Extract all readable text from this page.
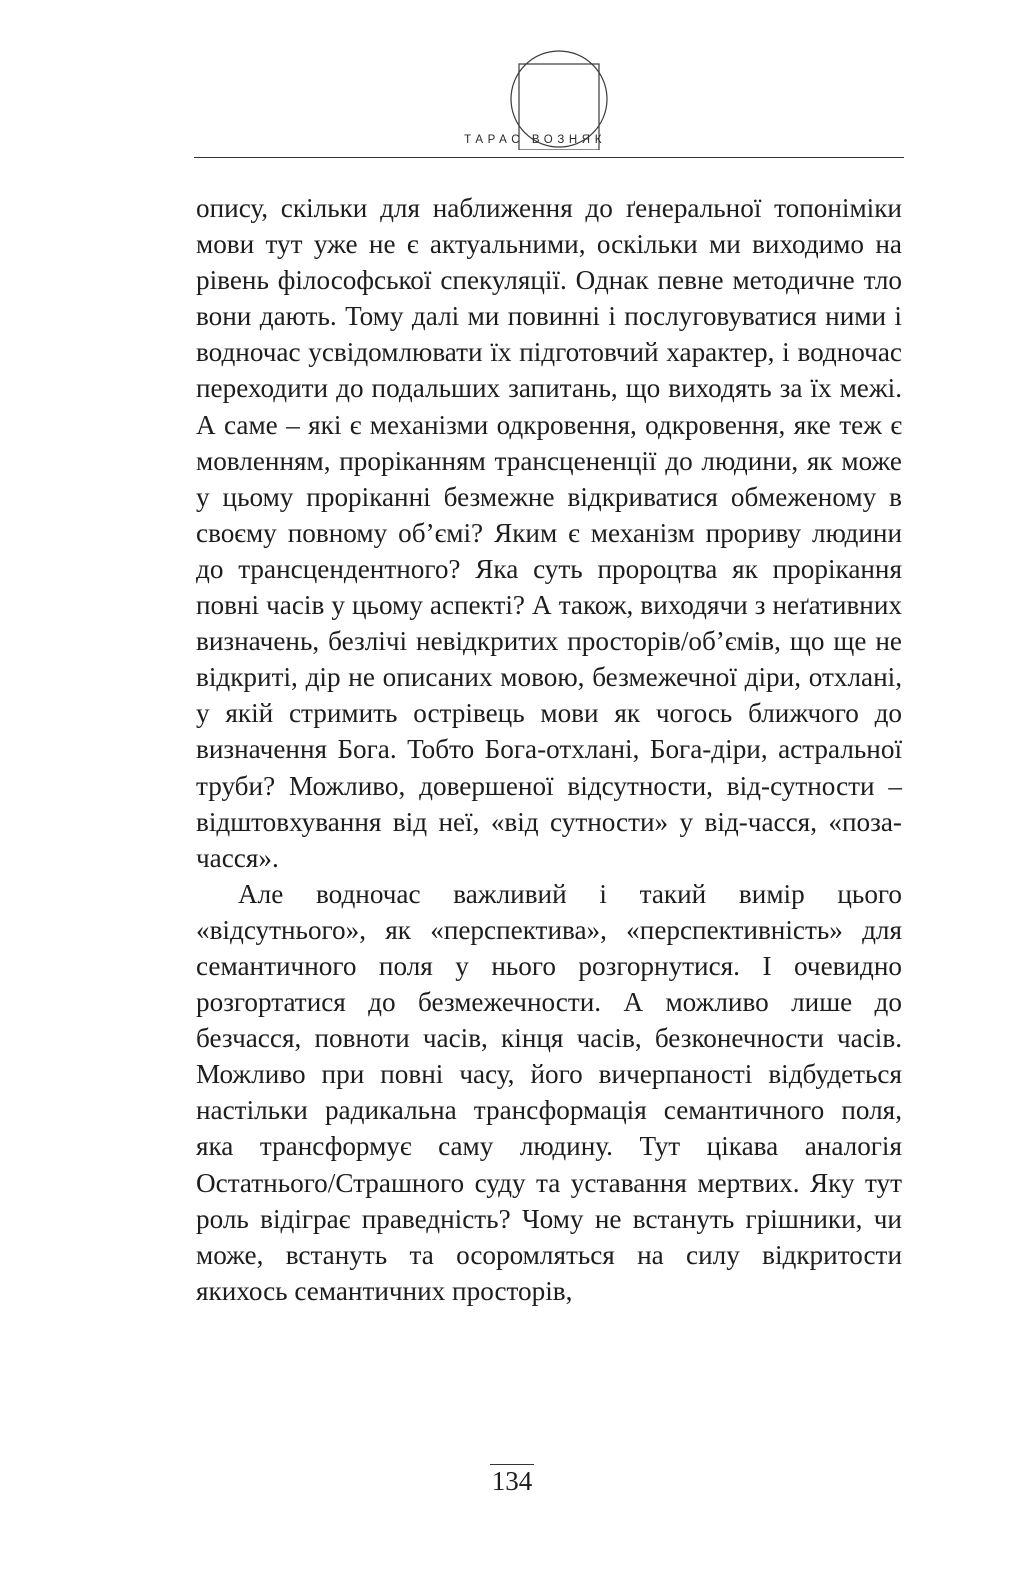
ТАРАС ВОЗНЯК

опису, скільки для наближення до ґенеральної топоніміки мови тут уже не є актуальними, оскільки ми виходимо на рівень філософської спекуляції. Однак певне методичне тло вони дають. Тому далі ми повинні і послуговуватися ними і водночас усвідомлювати їх підготовчий характер, і водночас переходити до подальших запитань, що виходять за їх межі. А саме – які є механізми одкровення, одкровення, яке теж є мовленням, проріканням трансцененції до людини, як може у цьому проріканні безмежне відкриватися обмеженому в своєму повному об’ємі? Яким є механізм прориву людини до трансцендентного? Яка суть пророцтва як прорікання повні часів у цьому аспекті? А також, виходячи з неґативних визначень, безлічі невідкритих просторів/об’ємів, що ще не відкриті, дір не описаних мовою, безмежечної діри, отхлані, у якій стримить острівець мови як чогось ближчого до визначення Бога. Тобто Бога-отхлані, Бога-діри, астральної труби? Можливо, довершеної відсутности, від-сутности – відштовхування від неї, «від сутности» у від-часся, «поза-часся».

Але водночас важливий і такий вимір цього «відсутнього», як «перспектива», «перспективність» для семантичного поля у нього розгорнутися. І очевидно розгортатися до безмежечности. А можливо лише до безчасся, повноти часів, кінця часів, безконечности часів. Можливо при повні часу, його вичерпаності відбудеться настільки радикальна трансформація семантичного поля, яка трансформує саму людину. Тут цікава аналогія Остатнього/Страшного суду та уставання мертвих. Яку тут роль відіграє праведність? Чому не встануть грішники, чи може, встануть та осоромляться на силу відкритости якихось семантичних просторів,

134
